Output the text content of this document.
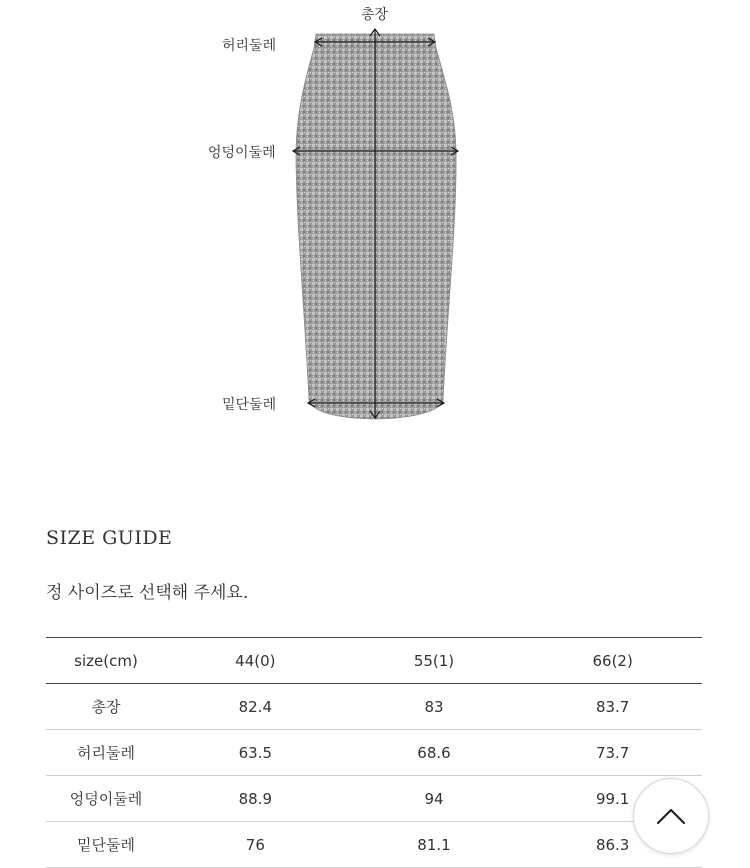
총장
허리둘레
엉덩이둘레
밑단둘레
SIZE GUIDE
정 사이즈로 선택해 주세요.
size(cm)	44(0)	55(1)	66(2)
총장	82.4	83	83.7
허리둘레	63.5	68.6	73.7
엉덩이둘레	88.9	94	99.1
밑단둘레	76	81.1	86.3
